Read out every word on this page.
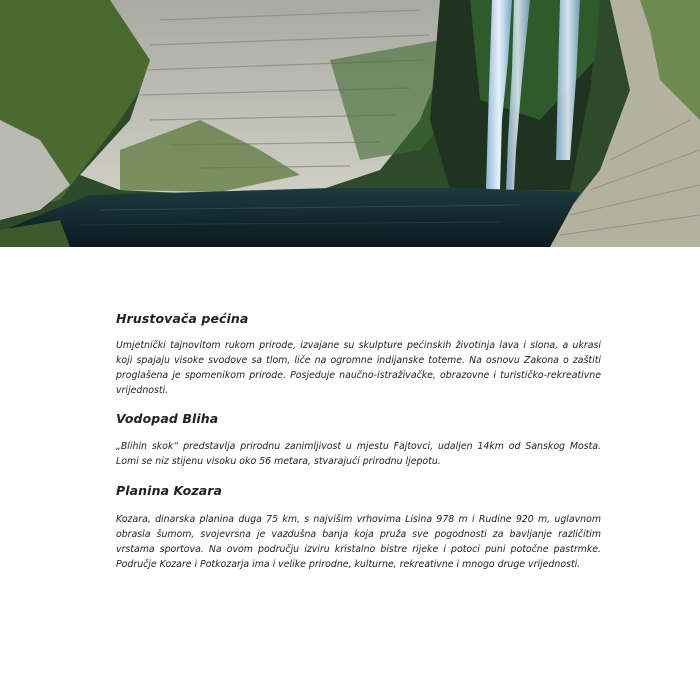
Hrustovača pećina

Umjetnički tajnovitom rukom prirode, izvajane su skulpture pećinskih životinja lava i slona, a ukrasi koji spajaju visoke svodove sa tlom, liče na ogromne indijanske toteme. Na osnovu Zakona o zaštiti proglašena je spomenikom prirode. Posjeduje naučno-istraživačke, obrazovne i turističko-rekreativne vrijednosti.

Vodopad Bliha

„Blihin skok“ predstavlja prirodnu zanimljivost u mjestu Fajtovci, udaljen 14km od Sanskog Mosta. Lomi se niz stijenu visoku oko 56 metara, stvarajući prirodnu ljepotu.

Planina Kozara

Kozara, dinarska planina duga 75 km, s najvišim vrhovima Lisina 978 m i Rudine 920 m, uglavnom obrasla šumom, svojevrsna je vazdušna banja koja pruža sve pogodnosti za bavljanje različitim vrstama sportova. Na ovom području izviru kristalno bistre rijeke i potoci puni potočne pastrmke. Područje Kozare i Potkozarja ima i velike prirodne, kulturne, rekreativne i mnogo druge vrijednosti.
